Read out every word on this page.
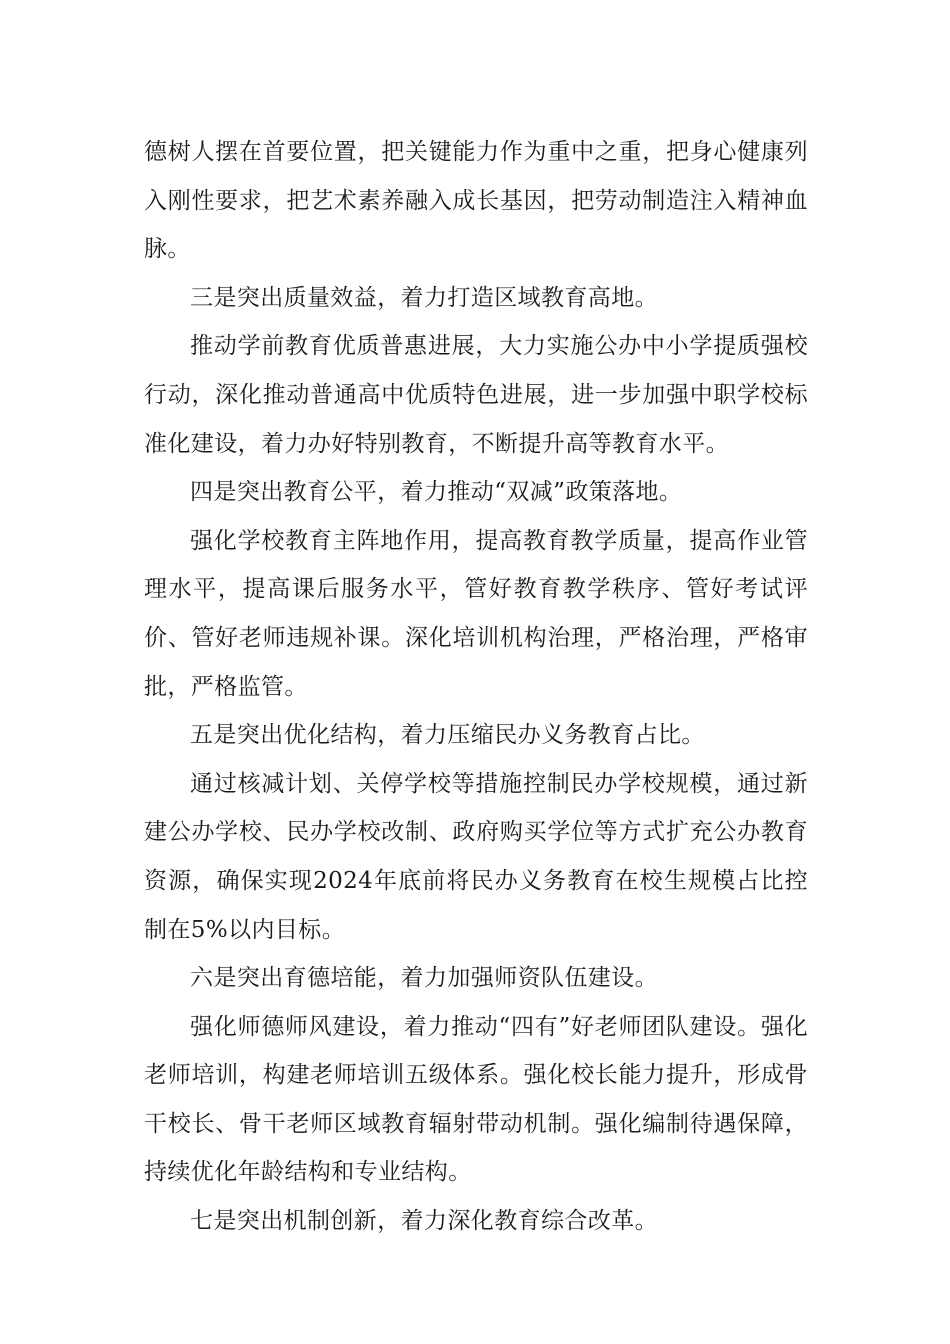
德树人摆在首要位置，把关键能力作为重中之重，把身心健康列入刚性要求，把艺术素养融入成长基因，把劳动制造注入精神血脉。

三是突出质量效益，着力打造区域教育高地。

推动学前教育优质普惠进展，大力实施公办中小学提质强校行动，深化推动普通高中优质特色进展，进一步加强中职学校标准化建设，着力办好特别教育，不断提升高等教育水平。

四是突出教育公平，着力推动“双减”政策落地。

强化学校教育主阵地作用，提高教育教学质量，提高作业管理水平，提高课后服务水平，管好教育教学秩序、管好考试评价、管好老师违规补课。深化培训机构治理，严格治理，严格审批，严格监管。

五是突出优化结构，着力压缩民办义务教育占比。

通过核减计划、关停学校等措施控制民办学校规模，通过新建公办学校、民办学校改制、政府购买学位等方式扩充公办教育资源，确保实现2024年底前将民办义务教育在校生规模占比控制在5%以内目标。

六是突出育德培能，着力加强师资队伍建设。

强化师德师风建设，着力推动“四有”好老师团队建设。强化老师培训，构建老师培训五级体系。强化校长能力提升，形成骨干校长、骨干老师区域教育辐射带动机制。强化编制待遇保障，持续优化年龄结构和专业结构。

七是突出机制创新，着力深化教育综合改革。
